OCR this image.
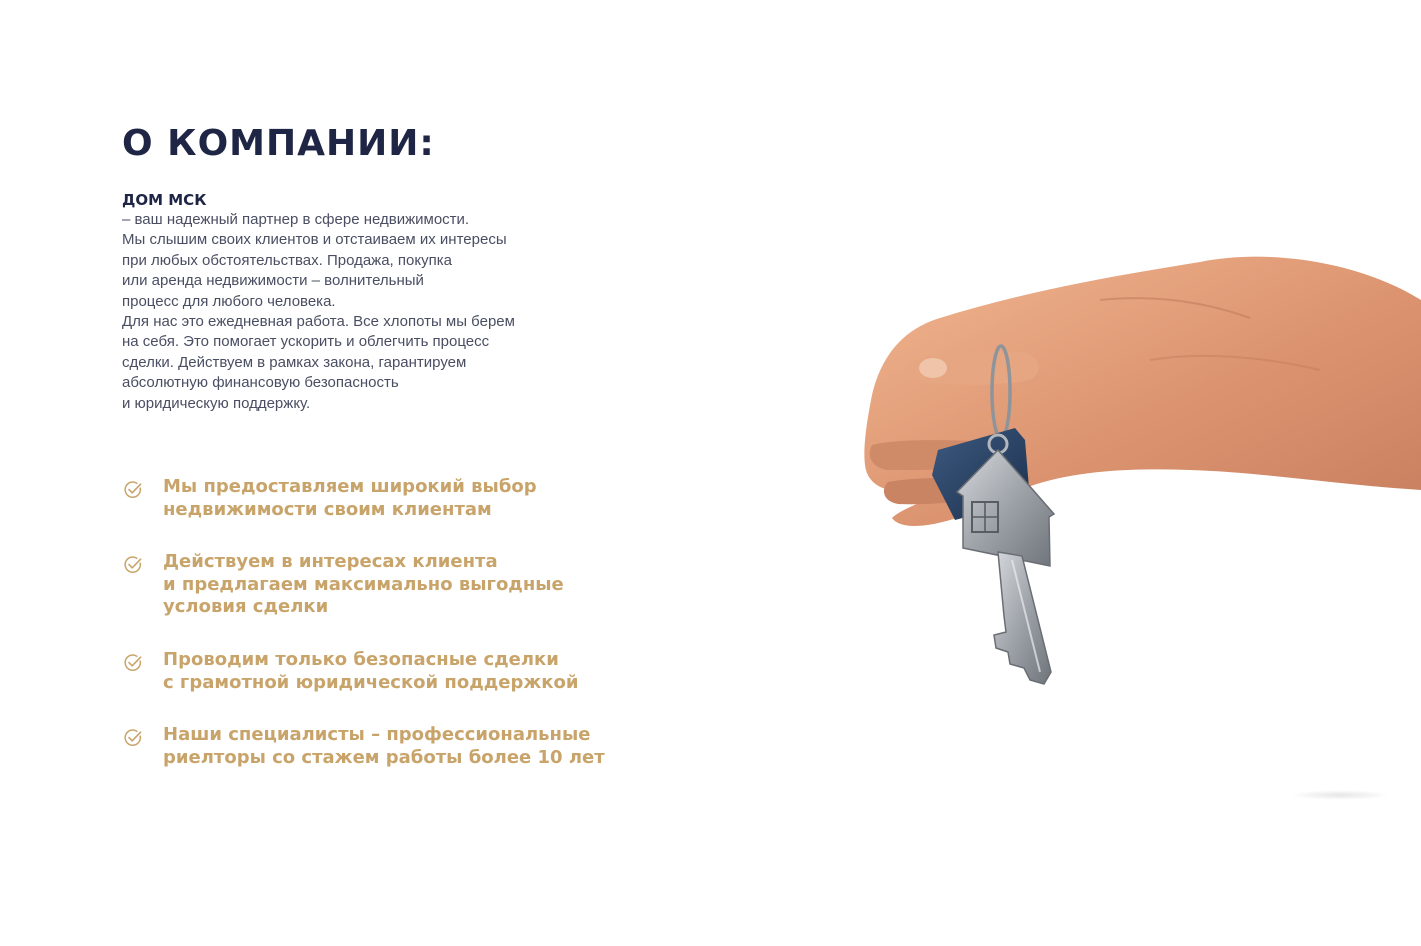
О КОМПАНИИ:
ДОМ МСК
– ваш надежный партнер в сфере недвижимости.
Мы слышим своих клиентов и отстаиваем их интересы
при любых обстоятельствах. Продажа, покупка
или аренда недвижимости – волнительный
процесс для любого человека.
Для нас это ежедневная работа. Все хлопоты мы берем
на себя. Это помогает ускорить и облегчить процесс
сделки. Действуем в рамках закона, гарантируем
абсолютную финансовую безопасность
и юридическую поддержку.
Мы предоставляем широкий выбор
недвижимости своим клиентам
Действуем в интересах клиента
и предлагаем максимально выгодные
условия сделки
Проводим только безопасные сделки
с грамотной юридической поддержкой
Наши специалисты – профессиональные
риелторы со стажем работы более 10 лет
